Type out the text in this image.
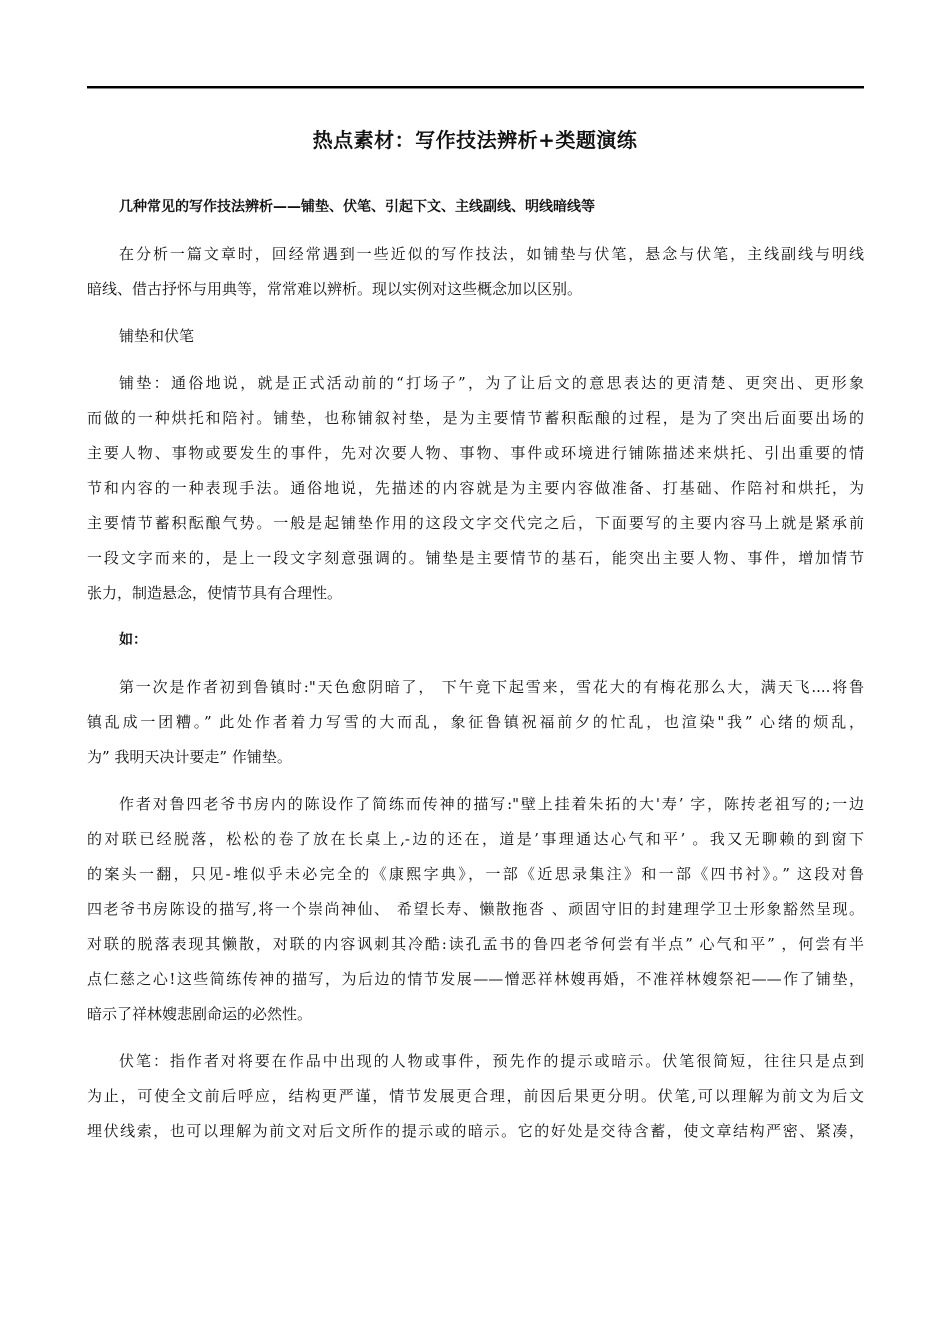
热点素材：写作技法辨析+类题演练
几种常见的写作技法辨析——铺垫、伏笔、引起下文、主线副线、明线暗线等
在分析一篇文章时，回经常遇到一些近似的写作技法，如铺垫与伏笔，悬念与伏笔，主线副线与明线
暗线、借古抒怀与用典等，常常难以辨析。现以实例对这些概念加以区别。
铺垫和伏笔
铺垫：通俗地说，就是正式活动前的“打场子”，为了让后文的意思表达的更清楚、更突出、更形象
而做的一种烘托和陪衬。铺垫，也称铺叙衬垫，是为主要情节蓄积酝酿的过程，是为了突出后面要出场的
主要人物、事物或要发生的事件，先对次要人物、事物、事件或环境进行铺陈描述来烘托、引出重要的情
节和内容的一种表现手法。通俗地说，先描述的内容就是为主要内容做准备、打基础、作陪衬和烘托，为
主要情节蓄积酝酿气势。一般是起铺垫作用的这段文字交代完之后，下面要写的主要内容马上就是紧承前
一段文字而来的，是上一段文字刻意强调的。铺垫是主要情节的基石，能突出主要人物、事件，增加情节
张力，制造悬念，使情节具有合理性。
如：
第一次是作者初到鲁镇时:"天色愈阴暗了， 下午竟下起雪来，雪花大的有梅花那么大，满天飞....将鲁
镇乱成一团糟。” 此处作者着力写雪的大而乱，象征鲁镇祝福前夕的忙乱，也渲染"我” 心绪的烦乱，
为” 我明天决计要走” 作铺垫。
作者对鲁四老爷书房内的陈设作了简练而传神的描写:"壁上挂着朱拓的大'寿’ 字，陈抟老祖写的;一边
的对联已经脱落，松松的卷了放在长桌上,-边的还在，道是’事理通达心气和平’ 。我又无聊赖的到窗下
的案头一翻，只见-堆似乎未必完全的《康熙字典》，一部《近思录集注》和一部《四书衬》。” 这段对鲁
四老爷书房陈设的描写,将一个崇尚神仙、 希望长寿、懒散拖沓 、顽固守旧的封建理学卫士形象豁然呈现。
对联的脱落表现其懒散，对联的内容讽刺其冷酷:读孔孟书的鲁四老爷何尝有半点” 心气和平” ，何尝有半
点仁慈之心!这些简练传神的描写，为后边的情节发展——憎恶祥林嫂再婚，不准祥林嫂祭祀——作了铺垫，
暗示了祥林嫂悲剧命运的必然性。
伏笔：指作者对将要在作品中出现的人物或事件，预先作的提示或暗示。伏笔很简短，往往只是点到
为止，可使全文前后呼应，结构更严谨，情节发展更合理，前因后果更分明。伏笔,可以理解为前文为后文
埋伏线索，也可以理解为前文对后文所作的提示或的暗示。它的好处是交待含蓄，使文章结构严密、紧凑，
